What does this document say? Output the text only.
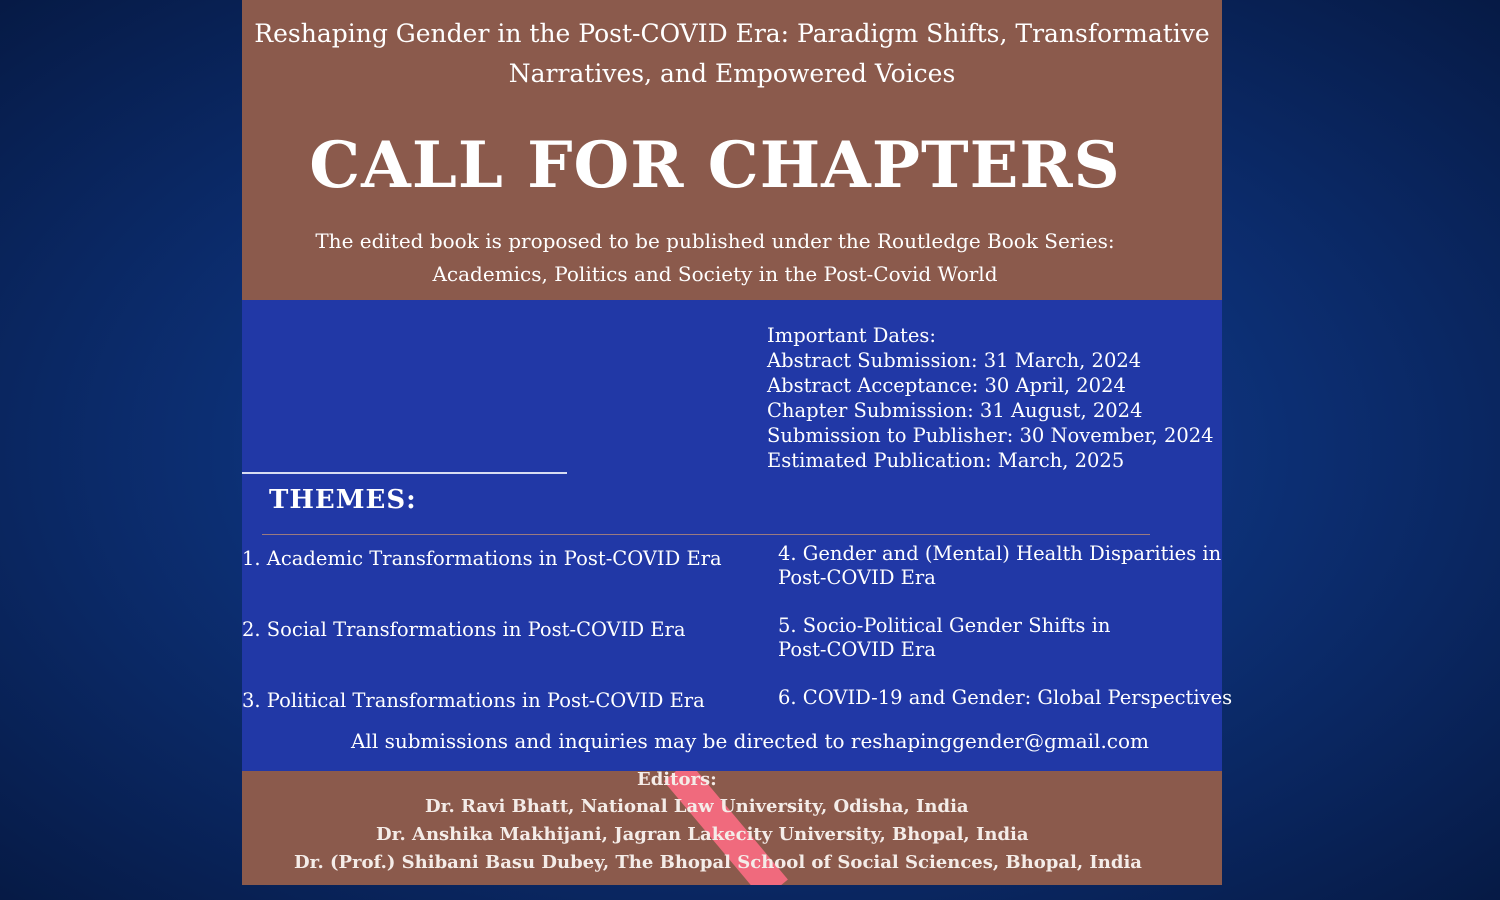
Reshaping Gender in the Post-COVID Era: Paradigm Shifts, Transformative
Narratives, and Empowered Voices
CALL FOR CHAPTERS
The edited book is proposed to be published under the Routledge Book Series:
Academics, Politics and Society in the Post-Covid World
Important Dates:
Abstract Submission: 31 March, 2024
Abstract Acceptance: 30 April, 2024
Chapter Submission: 31 August, 2024
Submission to Publisher: 30 November, 2024
Estimated Publication: March, 2025
THEMES:
1. Academic Transformations in Post-COVID Era
2. Social Transformations in Post-COVID Era
3. Political Transformations in Post-COVID Era
4. Gender and (Mental) Health Disparities in
Post-COVID Era
5. Socio-Political Gender Shifts in
Post-COVID Era
6. COVID-19 and Gender: Global Perspectives
All submissions and inquiries may be directed to reshapinggender@gmail.com
Editors:
Dr. Ravi Bhatt, National Law University, Odisha, India
Dr. Anshika Makhijani, Jagran Lakecity University, Bhopal, India
Dr. (Prof.) Shibani Basu Dubey, The Bhopal School of Social Sciences, Bhopal, India
